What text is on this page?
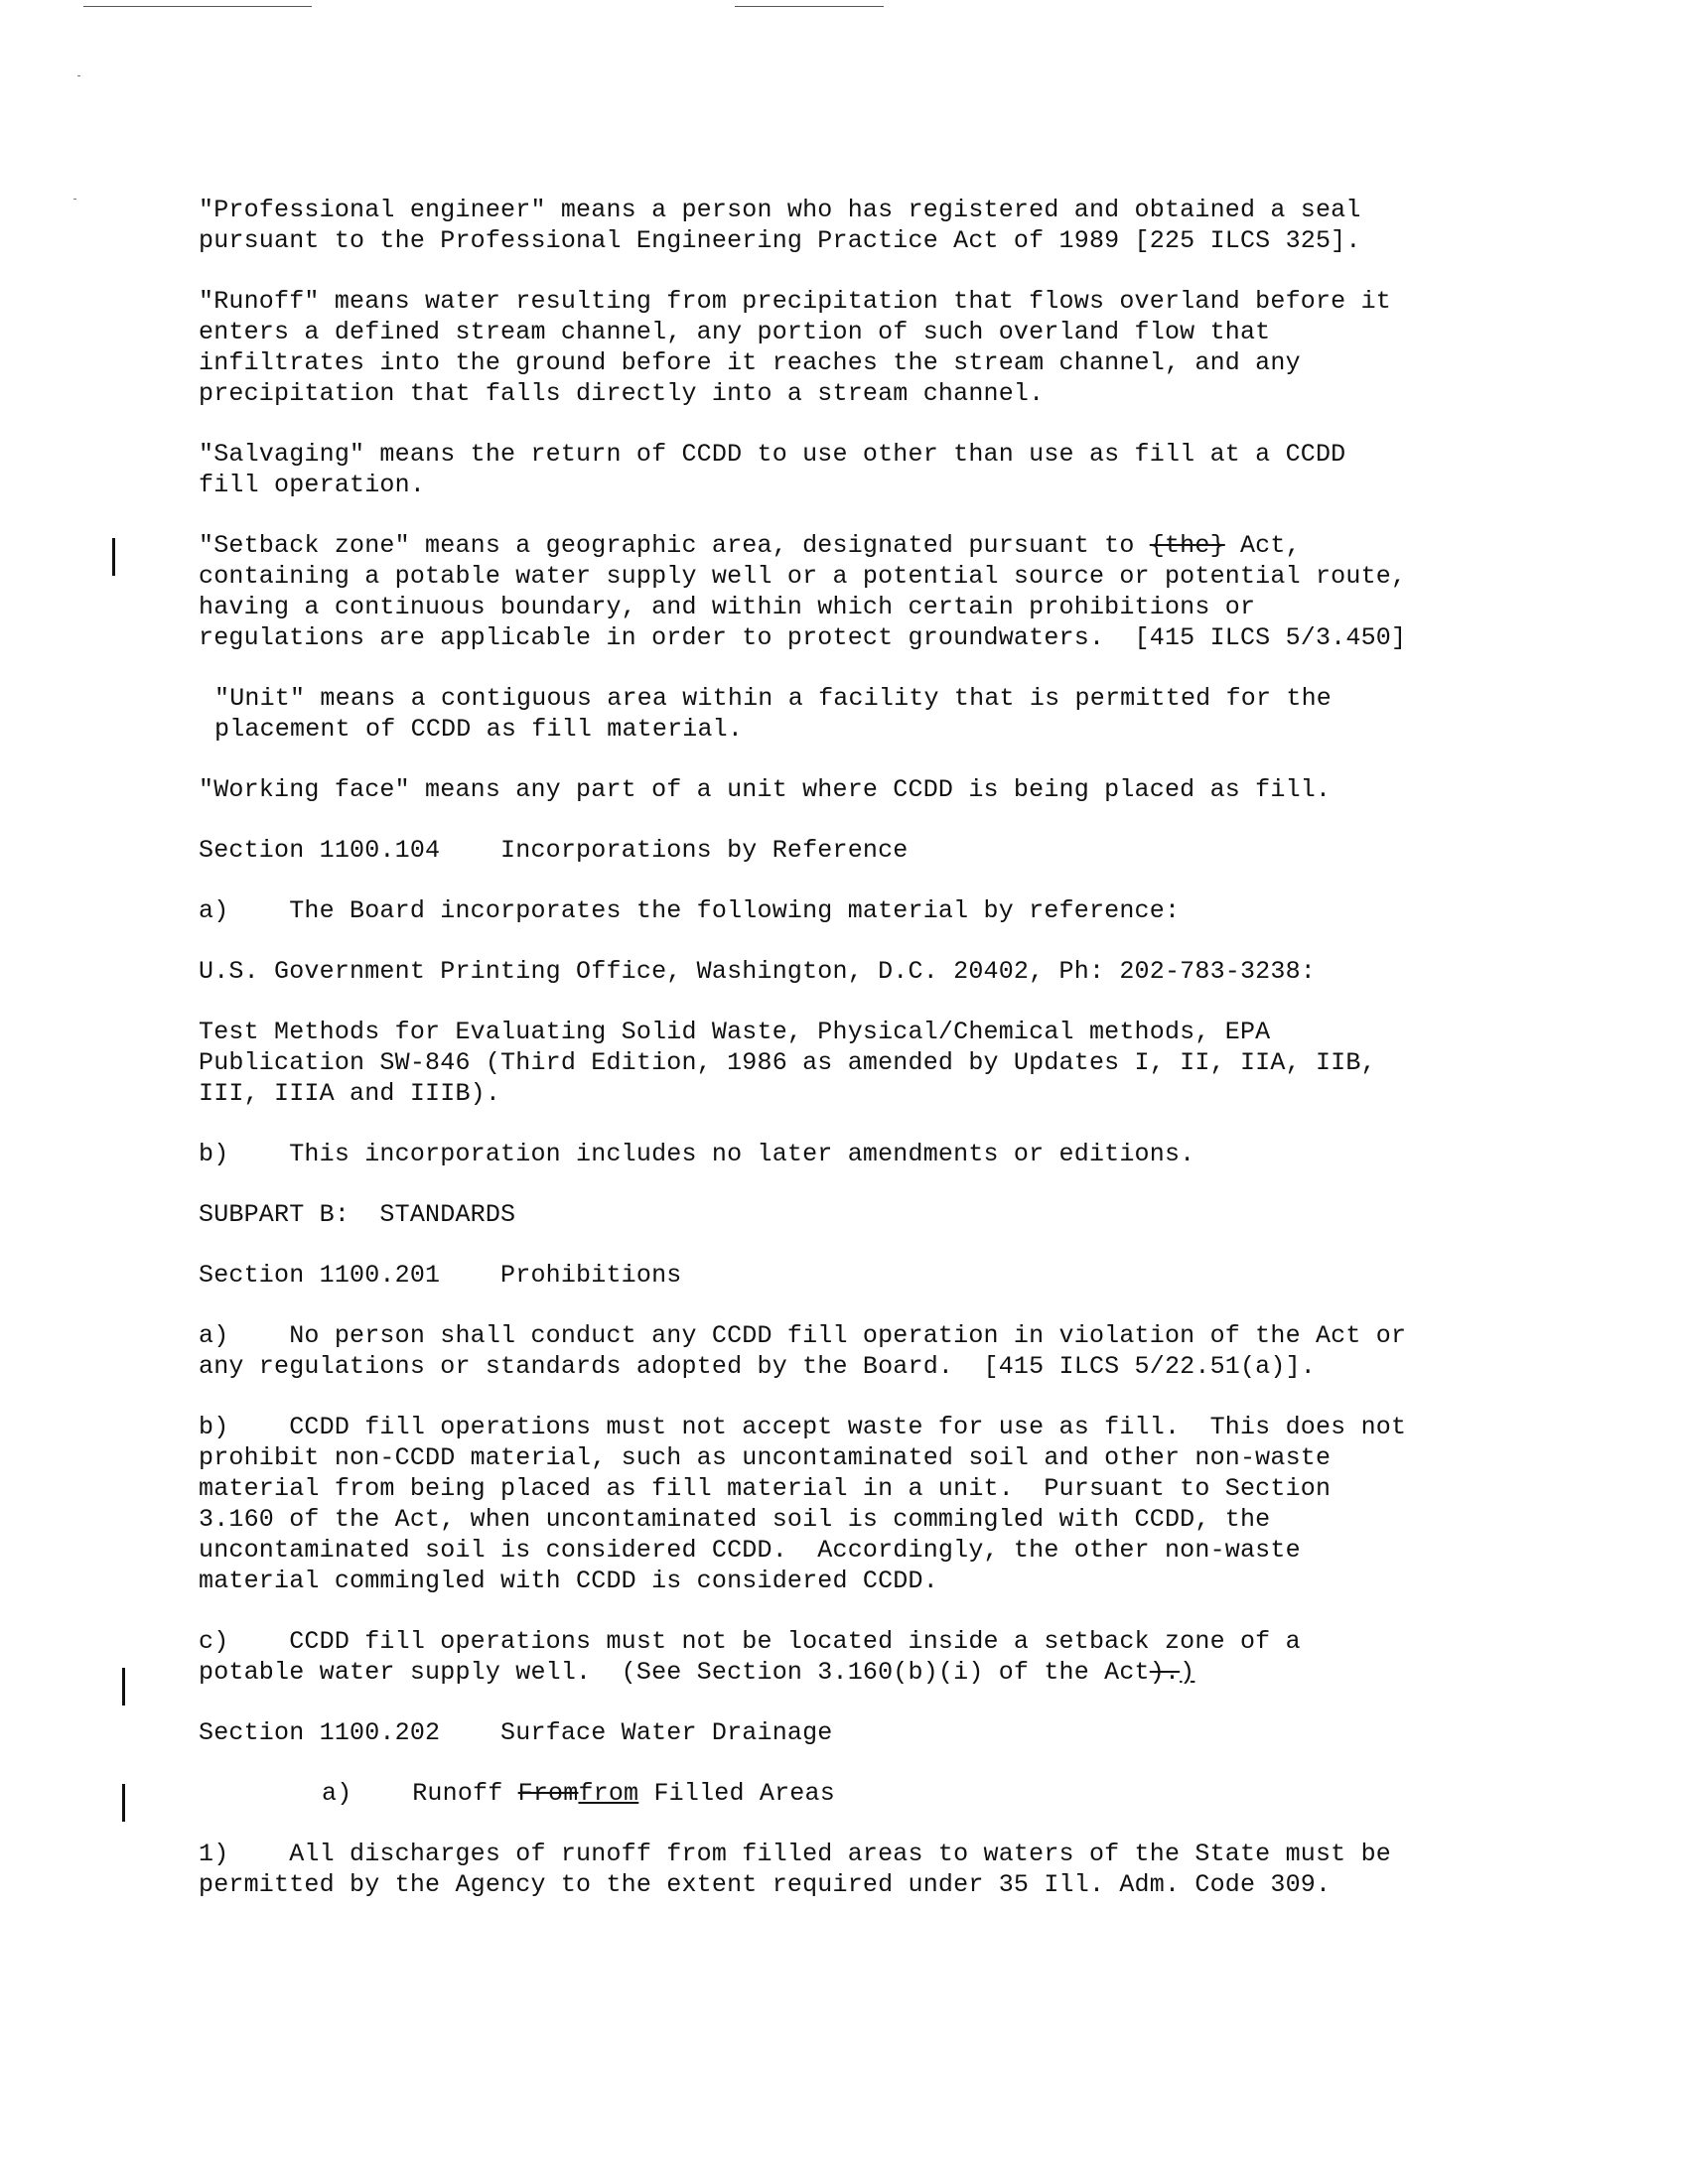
"Professional engineer" means a person who has registered and obtained a seal
pursuant to the Professional Engineering Practice Act of 1989 [225 ILCS 325].

"Runoff" means water resulting from precipitation that flows overland before it
enters a defined stream channel, any portion of such overland flow that
infiltrates into the ground before it reaches the stream channel, and any
precipitation that falls directly into a stream channel.

"Salvaging" means the return of CCDD to use other than use as fill at a CCDD
fill operation.

"Setback zone" means a geographic area, designated pursuant to {the} Act,
containing a potable water supply well or a potential source or potential route,
having a continuous boundary, and within which certain prohibitions or
regulations are applicable in order to protect groundwaters.  [415 ILCS 5/3.450]

"Unit" means a contiguous area within a facility that is permitted for the
placement of CCDD as fill material.

"Working face" means any part of a unit where CCDD is being placed as fill.

Section 1100.104    Incorporations by Reference

a)    The Board incorporates the following material by reference:

U.S. Government Printing Office, Washington, D.C. 20402, Ph: 202-783-3238:

Test Methods for Evaluating Solid Waste, Physical/Chemical methods, EPA
Publication SW-846 (Third Edition, 1986 as amended by Updates I, II, IIA, IIB,
III, IIIA and IIIB).

b)    This incorporation includes no later amendments or editions.

SUBPART B:  STANDARDS

Section 1100.201    Prohibitions

a)    No person shall conduct any CCDD fill operation in violation of the Act or
any regulations or standards adopted by the Board.  [415 ILCS 5/22.51(a)].

b)    CCDD fill operations must not accept waste for use as fill.  This does not
prohibit non-CCDD material, such as uncontaminated soil and other non-waste
material from being placed as fill material in a unit.  Pursuant to Section
3.160 of the Act, when uncontaminated soil is commingled with CCDD, the
uncontaminated soil is considered CCDD.  Accordingly, the other non-waste
material commingled with CCDD is considered CCDD.

c)    CCDD fill operations must not be located inside a setback zone of a
potable water supply well.  (See Section 3.160(b)(i) of the Act).)

Section 1100.202    Surface Water Drainage

a)    Runoff Fromfrom Filled Areas

1)    All discharges of runoff from filled areas to waters of the State must be
permitted by the Agency to the extent required under 35 Ill. Adm. Code 309.
